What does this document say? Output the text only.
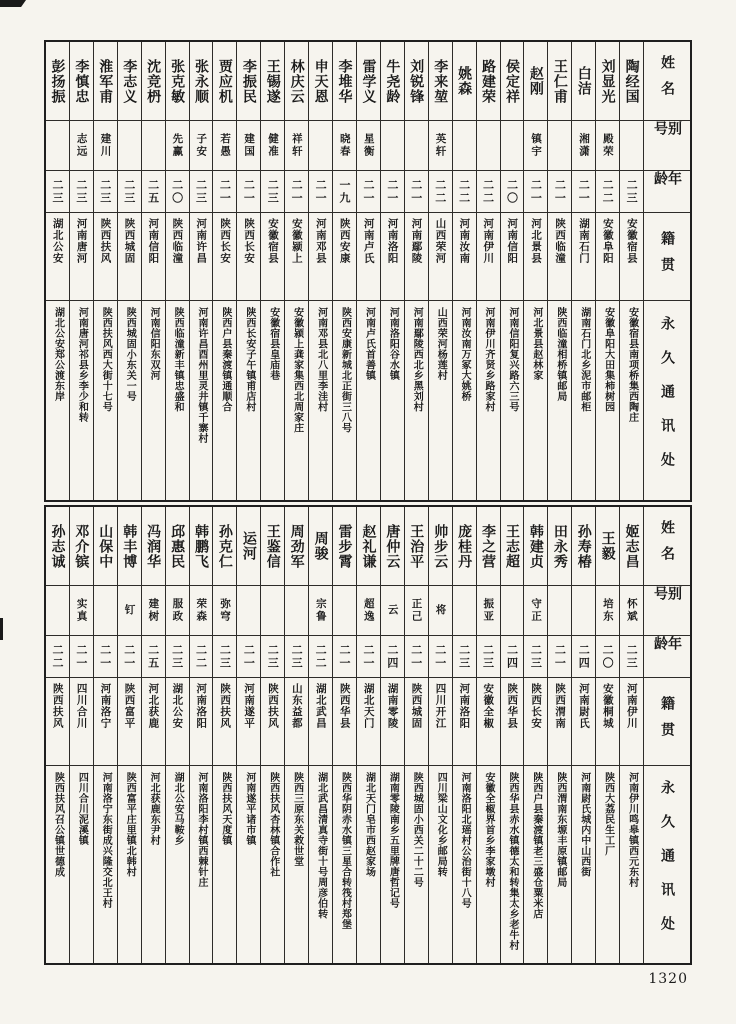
彭扬振
二三
湖北公安
湖北公安郑公渡东岸
李慎忠
志远
二三
河南唐河
河南唐河祁县乡李少和转
淮军甫
建川
二三
陕西扶风
陕西扶风西大街十七号
李志义
二三
陕西城固
陕西城固小东关一号
沈竞枬
二五
河南信阳
河南信阳东双河
张克敏
先赢
二〇
陕西临潼
陕西临潼新丰镇忠盛和
张永顺
子安
二三
河南许昌
河南许昌酉州里灵井镇千寨村
贾应机
若愚
二一
陕西长安
陕西户县秦渡镇通顺合
李振民
建国
二一
陕西长安
陕西长安子午镇甫店村
王锡遂
健准
二三
安徽宿县
安徽宿县皇庙巷
林庆云
祥轩
二一
安徽颍上
安徽颍上龚家集西北周家庄
申天恩
二一
河南邓县
河南邓县北八里李洼村
李堆华
晓春
一九
陕西安康
陕西安康新城北正街三八号
雷学义
星衡
二一
河南卢氏
河南卢氏首善镇
牛尧龄
二一
河南洛阳
河南洛阳谷水镇
刘锐锋
二一
河南鄢陵
河南鄢陵西北乡黑刘村
李来堃
英轩
二二
山西荣河
山西荣河杨莲村
姚森
二二
河南汝南
河南汝南万冢大姚桥
路建荣
二二
河南伊川
河南伊川齐贤乡路家村
侯定祥
二〇
河南信阳
河南信阳复兴路六三号
赵刚
镇宇
二一
河北景县
河北景县赵林家
王仁甫
二一
陕西临潼
陕西临潼相桥镇邮局
白洁
湘潇
二一
湖南石门
湖南石门北乡泥市邮柜
刘显光
殿荣
二二
安徽阜阳
安徽阜阳大田集柿树园
陶经国
二三
安徽宿县
安徽宿县南项桥集西陶庄
姓名
别号
年龄
籍贯
永久通讯处
孙志诚
二二
陕西扶风
陕西扶风召公镇世德成
邓介镔
实真
二一
四川合川
四川合川泥溪镇
山保中
二一
河南洛宁
河南洛宁东街成兴隆交北王村
韩丰博
钉
二一
陕西富平
陕西富平庄里镇北韩村
冯润华
建树
二五
河北获鹿
河北获鹿东尹村
邱惠民
服政
二三
湖北公安
湖北公安马鞍乡
韩鹏飞
荣森
二二
河南洛阳
河南洛阳李村镇西棘针庄
孙克仁
弥穹
二三
陕西扶风
陕西扶风天度镇
运河
二一
河南遂平
河南遂平诸市镇
王鉴信
二三
陕西扶风
陕西扶风杏林镇合作社
周劲军
二三
山东益都
陕西三原东关救世堂
周骏
宗鲁
二二
湖北武昌
湖北武昌清真寺街十号周彦伯转
雷步霄
二一
陕西华县
陕西华阴赤水镇三星合转筏村郑堡
赵礼谦
超逸
二一
湖北天门
湖北天门皂市西赵家场
唐仲云
云
二四
湖南零陵
湖南零陵南乡五里牌唐哲记号
王治平
正己
二一
陕西城固
陕西城固小西关二十二号
帅步云
将
二一
四川开江
四川梁山文化乡邮局转
庞桂丹
二三
河南洛阳
河南洛阳北瑶村公治街十八号
李之营
振亚
二三
安徽全椒
安徽全椒界首乡李家墩村
王志超
二四
陕西华县
陕西华县赤水镇德太和转集太乡老牛村
韩建贞
守正
二三
陕西长安
陕西户县秦渡镇老三盛仓粟米店
田永秀
二一
陕西渭南
陕西渭南东塬丰原镇邮局
孙寿椿
二四
河南尉氏
河南尉氏城内中山西街
王毅
培东
二〇
安徽桐城
陕西大荔民生工厂
姬志昌
怀斌
二三
河南伊川
河南伊川鸣皋镇西元东村
姓名
别号
年龄
籍贯
永久通讯处
1320
